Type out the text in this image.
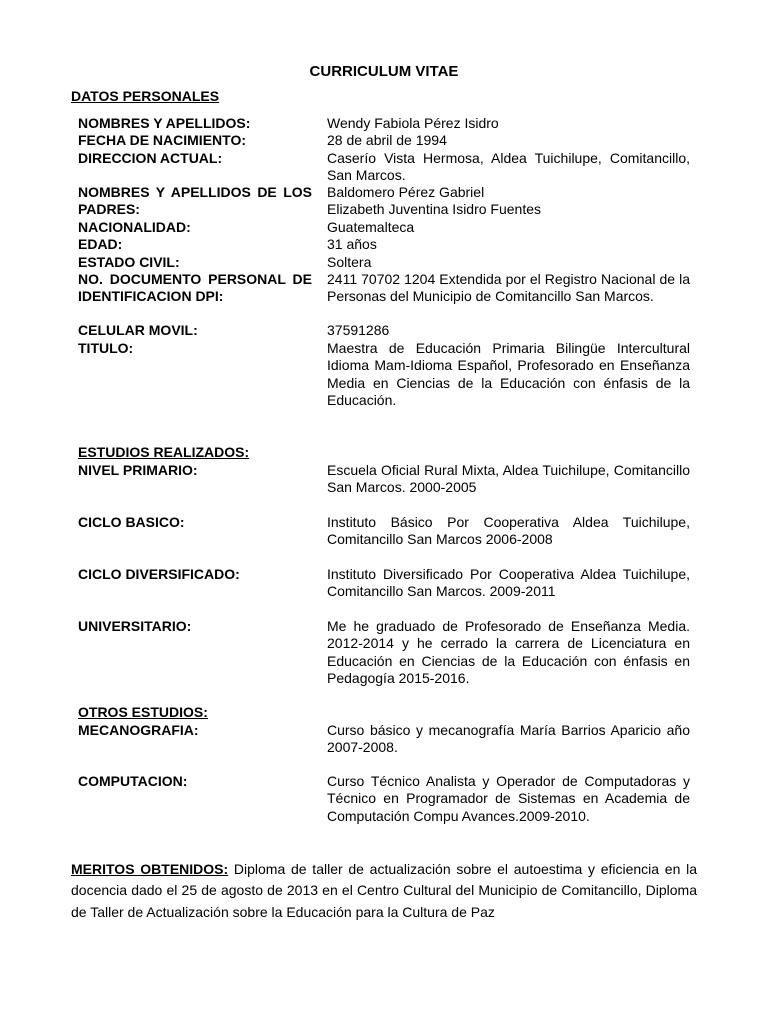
CURRICULUM VITAE
DATOS PERSONALES
NOMBRES Y APELLIDOS:	Wendy Fabiola Pérez Isidro
FECHA DE NACIMIENTO:	28 de abril de 1994
DIRECCION ACTUAL:	Caserío Vista Hermosa, Aldea Tuichilupe, Comitancillo, San Marcos.
NOMBRES Y APELLIDOS DE LOS PADRES:
Baldomero Pérez Gabriel
Elizabeth Juventina Isidro Fuentes
NACIONALIDAD:	Guatemalteca
EDAD:	31 años
ESTADO CIVIL:	Soltera
NO. DOCUMENTO PERSONAL DE IDENTIFICACION DPI:
2411 70702 1204 Extendida por el Registro Nacional de la Personas del Municipio de Comitancillo San Marcos.
CELULAR MOVIL:	37591286
TITULO:	Maestra de Educación Primaria Bilingüe Intercultural Idioma Mam-Idioma Español, Profesorado en Enseñanza Media en Ciencias de la Educación con énfasis de la Educación.
ESTUDIOS REALIZADOS:
NIVEL PRIMARIO:	Escuela Oficial Rural Mixta, Aldea Tuichilupe, Comitancillo San Marcos. 2000-2005
CICLO BASICO:	Instituto Básico Por Cooperativa Aldea Tuichilupe, Comitancillo San Marcos 2006-2008
CICLO DIVERSIFICADO:	Instituto Diversificado Por Cooperativa Aldea Tuichilupe, Comitancillo San Marcos. 2009-2011
UNIVERSITARIO:	Me he graduado de Profesorado de Enseñanza Media. 2012-2014 y he cerrado la carrera de Licenciatura en Educación en Ciencias de la Educación con énfasis en Pedagogía 2015-2016.
OTROS ESTUDIOS:
MECANOGRAFIA:	Curso básico y mecanografía María Barrios Aparicio año 2007-2008.
COMPUTACION:	Curso Técnico Analista y Operador de Computadoras y Técnico en Programador de Sistemas en Academia de Computación Compu Avances.2009-2010.
MERITOS OBTENIDOS: Diploma de taller de actualización sobre el autoestima y eficiencia en la docencia dado el 25 de agosto de 2013 en el Centro Cultural del Municipio de Comitancillo, Diploma de Taller de Actualización sobre la Educación para la Cultura de Paz
